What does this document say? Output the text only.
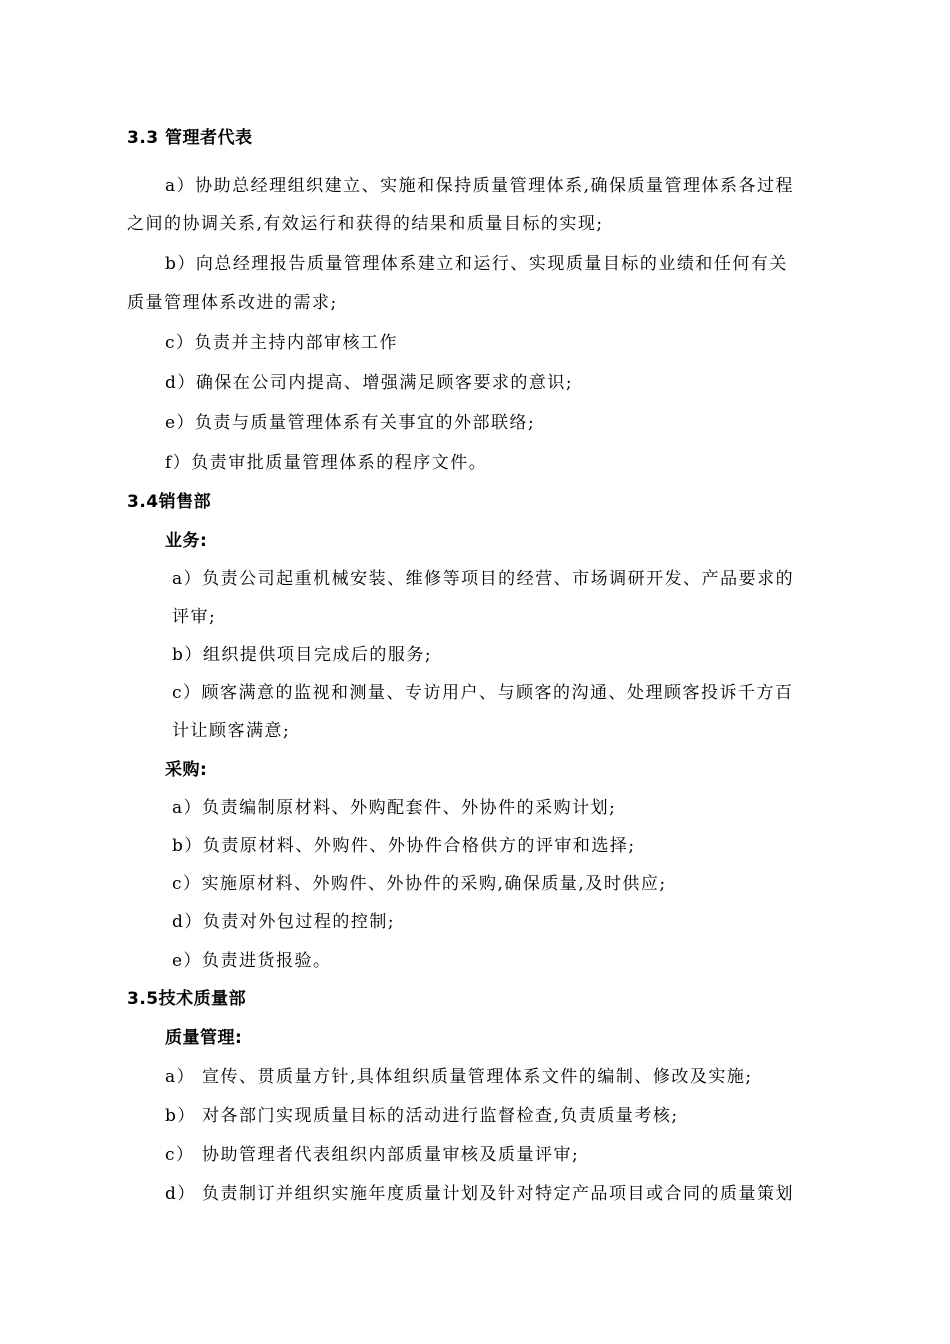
3.3 管理者代表
a）协助总经理组织建立、实施和保持质量管理体系,确保质量管理体系各过程
之间的协调关系,有效运行和获得的结果和质量目标的实现;
b）向总经理报告质量管理体系建立和运行、实现质量目标的业绩和任何有关
质量管理体系改进的需求;
c）负责并主持内部审核工作
d）确保在公司内提高、增强满足顾客要求的意识;
e）负责与质量管理体系有关事宜的外部联络;
f）负责审批质量管理体系的程序文件。
3.4销售部
业务:
a）负责公司起重机械安装、维修等项目的经营、市场调研开发、产品要求的
评审;
b）组织提供项目完成后的服务;
c）顾客满意的监视和测量、专访用户、与顾客的沟通、处理顾客投诉千方百
计让顾客满意;
采购:
a）负责编制原材料、外购配套件、外协件的采购计划;
b）负责原材料、外购件、外协件合格供方的评审和选择;
c）实施原材料、外购件、外协件的采购,确保质量,及时供应;
d）负责对外包过程的控制;
e）负责进货报验。
3.5技术质量部
质量管理:
a） 宣传、贯质量方针,具体组织质量管理体系文件的编制、修改及实施;
b） 对各部门实现质量目标的活动进行监督检查,负责质量考核;
c） 协助管理者代表组织内部质量审核及质量评审;
d） 负责制订并组织实施年度质量计划及针对特定产品项目或合同的质量策划
